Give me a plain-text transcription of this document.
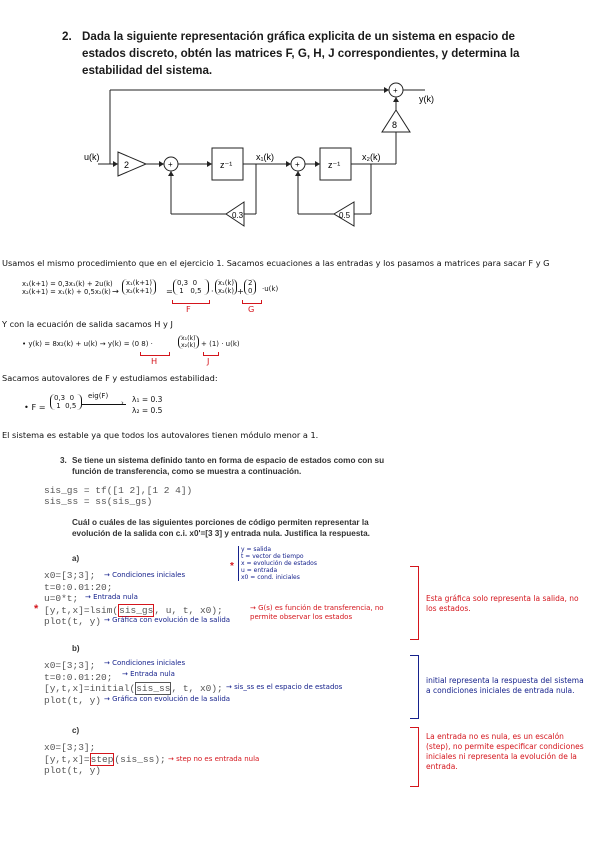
2. Dada la siguiente representación gráfica explicita de un sistema en espacio de estados discreto, obtén las matrices F, G, H, J correspondientes, y determina la estabilidad del sistema.
u(k)
y(k)
2
8
+	+
+
z⁻¹	z⁻¹
x₁(k)	x₂(k)
0.3	0.5
Usamos el mismo procedimiento que en el ejercicio 1. Sacamos ecuaciones a las entradas y los pasamos a matrices para sacar F y G
x₁(k+1) = 0,3x₁(k) + 2u(k)
x₂(k+1) = x₁(k) + 0,5x₂(k) →
x₁(k+1)
x₂(k+1) =
0,3 0
1 0,5	·
x₁(k)
x₂(k) +
2
0 ·u(k)
F	G
Y con la ecuación de salida sacamos H y J
• y(k) = 8x₂(k) + u(k) → y(k) = (0 8) ·
x₁(k)
x₂(k) + (1) · u(k)
H	J
Sacamos autovalores de F y estudiamos estabilidad:
• F =
0,3 0
1 0,5
eig(F)
› λ₁ = 0.3
λ₂ = 0.5
El sistema es estable ya que todos los autovalores tienen módulo menor a 1.
3. Se tiene un sistema definido tanto en forma de espacio de estados como con su función de transferencia, como se muestra a continuación.
sis_gs = tf([1 2],[1 2 4])
sis_ss = ss(sis_gs)
Cuál o cuáles de las siguientes porciones de código permiten representar la evolución de la salida con c.i. x0'=[3 3] y entrada nula. Justifica la respuesta.
a)
x0=[3;3];
t=0:0.01:20;
u=0*t;
[y,t,x]=lsim(sis_gs, u, t, x0);
plot(t, y)
*
→ Condiciones iniciales
→ Entrada nula
→ Gráfica con evolución de la salida
→ G(s) es función de transferencia, no permite observar los estados
*
y = salida
t = vector de tiempo
x = evolución de estados
u = entrada
x0 = cond. iniciales
Esta gráfica solo representa la salida, no los estados.
b)
x0=[3;3];
t=0:0.01:20;
[y,t,x]=initial(sis_ss, t, x0);
plot(t, y)
→ Condiciones iniciales
→ Entrada nula
→ sis_ss es el espacio de estados
→ Gráfica con evolución de la salida
initial representa la respuesta del sistema a condiciones iniciales de entrada nula.
c)
x0=[3;3];
[y,t,x]=step(sis_ss);
plot(t, y)
→ step no es entrada nula
La entrada no es nula, es un escalón (step), no permite especificar condiciones iniciales ni representa la evolución de la entrada.
